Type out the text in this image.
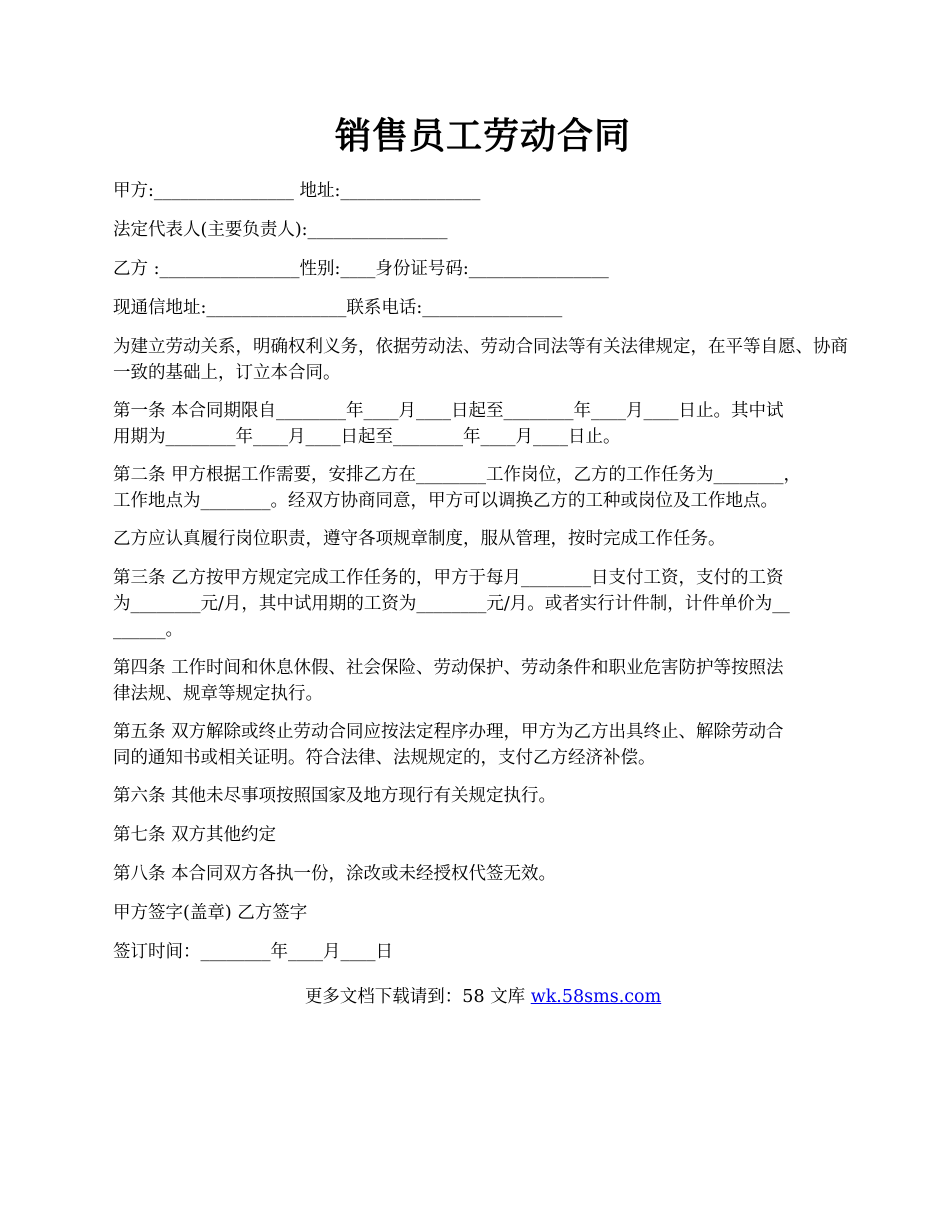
销售员工劳动合同

甲方:________________ 地址:________________

法定代表人(主要负责人):________________

乙方 :________________性别:____身份证号码:________________

现通信地址:________________联系电话:________________

为建立劳动关系，明确权利义务，依据劳动法、劳动合同法等有关法律规定，在平等自愿、协商一致的基础上，订立本合同。

第一条 本合同期限自________年____月____日起至________年____月____日止。其中试
用期为________年____月____日起至________年____月____日止。

第二条 甲方根据工作需要，安排乙方在________工作岗位，乙方的工作任务为________，
工作地点为________。经双方协商同意，甲方可以调换乙方的工种或岗位及工作地点。

乙方应认真履行岗位职责，遵守各项规章制度，服从管理，按时完成工作任务。

第三条 乙方按甲方规定完成工作任务的，甲方于每月________日支付工资，支付的工资
为________元/月，其中试用期的工资为________元/月。或者实行计件制，计件单价为__
______。

第四条 工作时间和休息休假、社会保险、劳动保护、劳动条件和职业危害防护等按照法
律法规、规章等规定执行。

第五条 双方解除或终止劳动合同应按法定程序办理，甲方为乙方出具终止、解除劳动合
同的通知书或相关证明。符合法律、法规规定的，支付乙方经济补偿。

第六条 其他未尽事项按照国家及地方现行有关规定执行。

第七条 双方其他约定

第八条 本合同双方各执一份，涂改或未经授权代签无效。

甲方签字(盖章) 乙方签字

签订时间：________年____月____日

更多文档下载请到：58 文库 wk.58sms.com
